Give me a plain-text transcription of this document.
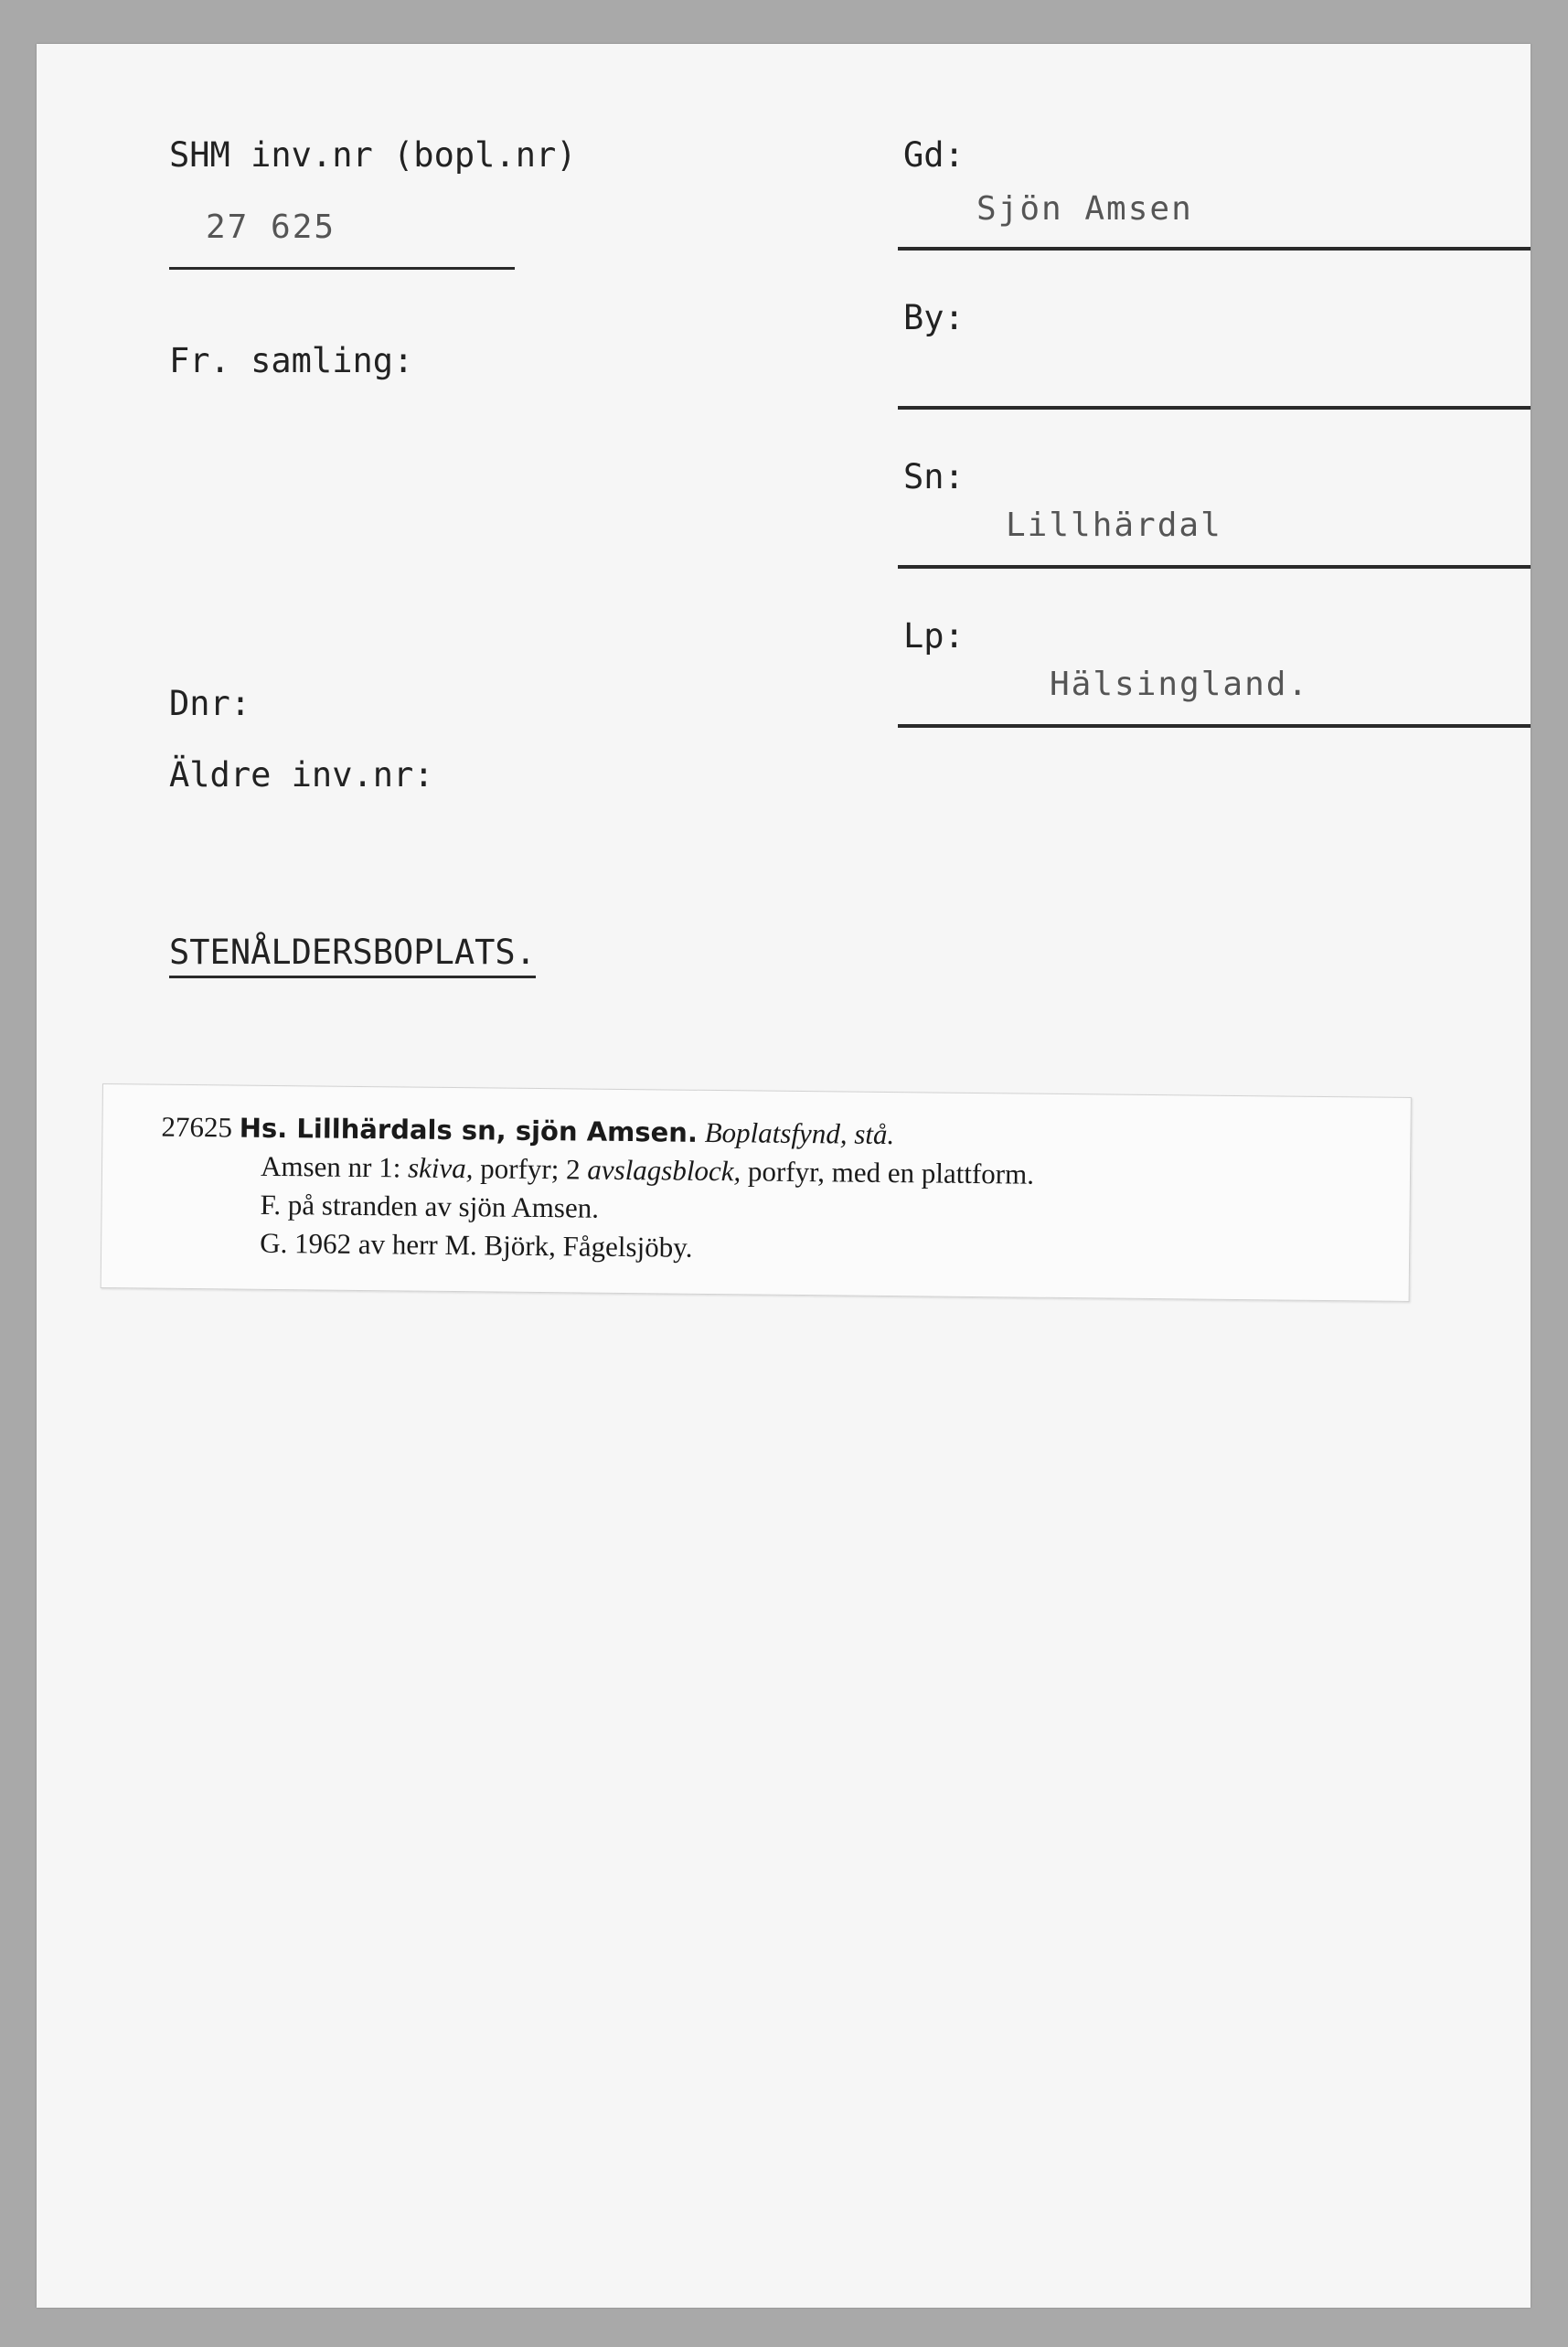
SHM inv.nr (bopl.nr)
27 625
Fr. samling:
Dnr:
Äldre inv.nr:
STENÅLDERSBOPLATS.
Gd:
Sjön Amsen
By:
Sn:
Lillhärdal
Lp:
Hälsingland.
27625 Hs. Lillhärdals sn, sjön Amsen. Boplatsfynd, stå.
Amsen nr 1: skiva, porfyr; 2 avslagsblock, porfyr, med en plattform.
F. på stranden av sjön Amsen.
G. 1962 av herr M. Björk, Fågelsjöby.
